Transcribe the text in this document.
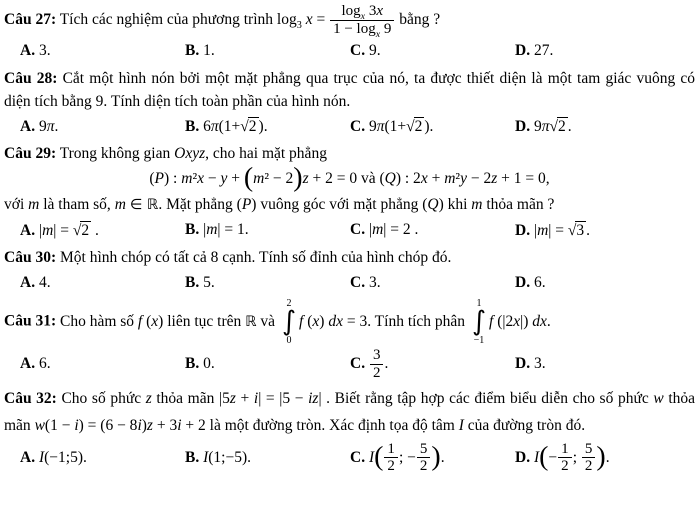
Câu 27: Tích các nghiệm của phương trình $\log_3 x = \frac{\log_x 3x}{1 - \log_x 9}$ bằng ?

A. 3.	B. 1.	C. 9.	D. 27.

Câu 28: Cắt một hình nón bởi một mặt phẳng qua trục của nó, ta được thiết diện là một tam giác vuông có diện tích bằng 9. Tính diện tích toàn phần của hình nón.

A. 9π.	B. 6π(1+√2 ).	C. 9π(1+√2 ).	D. 9π√2 .

Câu 29: Trong không gian Oxyz, cho hai mặt phẳng

(P) : m²x − y + (m² − 2)z + 2 = 0 và (Q) : 2x + m²y − 2z + 1 = 0,

với m là tham số, m ∈ ℝ. Mặt phẳng (P) vuông góc với mặt phẳng (Q) khi m thỏa mãn ?

A. |m| = √2 .	B. |m| = 1.	C. |m| = 2 .	D. |m| = √3 .

Câu 30: Một hình chóp có tất cả 8 cạnh. Tính số đỉnh của hình chóp đó.

A. 4.	B. 5.	C. 3.	D. 6.

Câu 31: Cho hàm số f (x) liên tục trên ℝ và
2
∫
0
f (x) dx = 3. Tính tích phân
1
∫
−1
f (|2x|) dx.

A. 6.	B. 0.	C. $\frac{3}{2}$ .	D. 3.

Câu 32: Cho số phức z thỏa mãn |5z + i| = |5 − iz| . Biết rằng tập hợp các điểm biểu diễn cho số phức w thỏa mãn w(1 − i) = (6 − 8i)z + 3i + 2 là một đường tròn. Xác định tọa độ tâm I của đường tròn đó.

A. I(−1;5).	B. I(1;−5).	C. $I( \frac{1}{2}$ ; − $\frac{5}{2}$ ).	D. $I(- \frac{1}{2}$ ; $\frac{5}{2}$ ).
